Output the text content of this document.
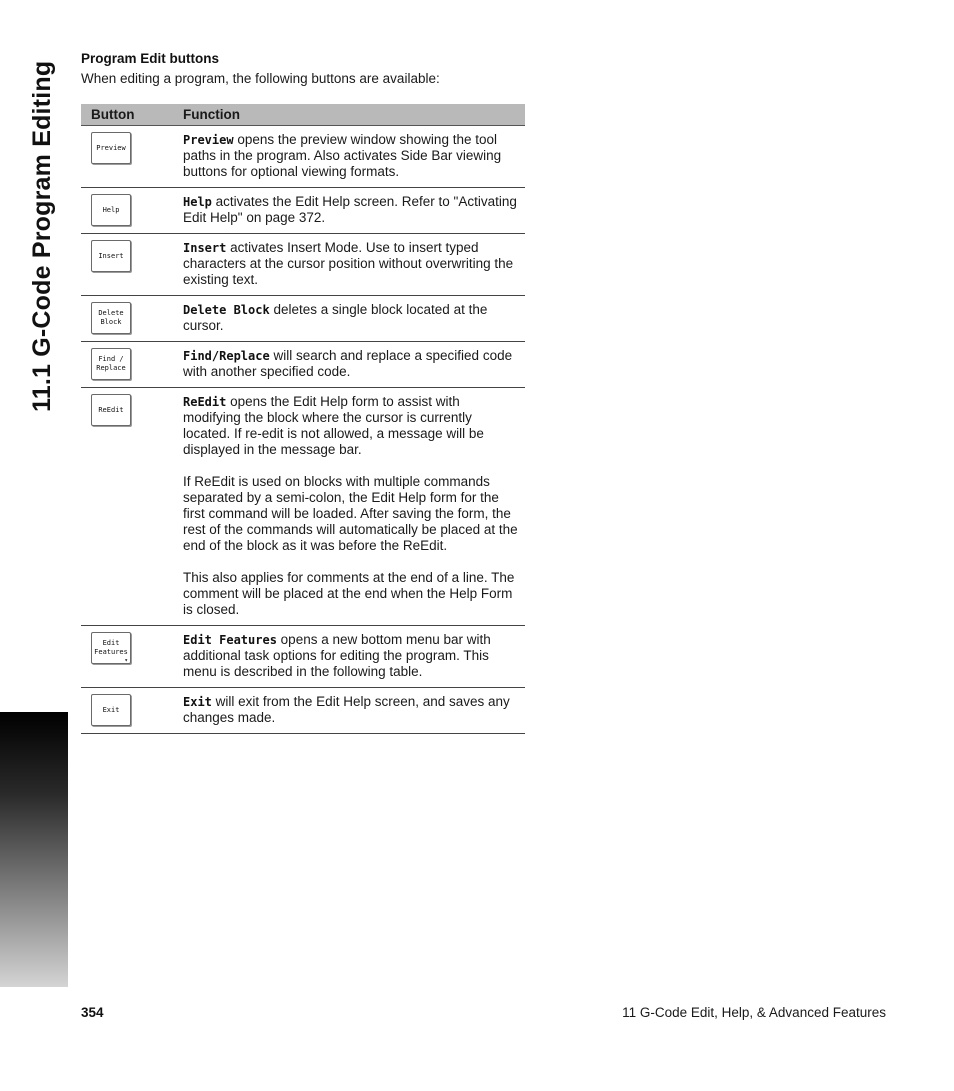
11.1 G-Code Program Editing
Program Edit buttons
When editing a program, the following buttons are available:
Button	Function

Preview	Preview opens the preview window showing the tool paths in the program. Also activates Side Bar viewing buttons for optional viewing formats.

Help	Help activates the Edit Help screen. Refer to "Activating Edit Help" on page 372.

Insert	Insert activates Insert Mode. Use to insert typed characters at the cursor position without overwriting the existing text.

Delete
Block	Delete Block deletes a single block located at the cursor.

Find /
Replace	Find/Replace will search and replace a specified code with another specified code.

ReEdit	ReEdit opens the Edit Help form to assist with modifying the block where the cursor is currently located. If re-edit is not allowed, a message will be displayed in the message bar.

If ReEdit is used on blocks with multiple commands separated by a semi-colon, the Edit Help form for the first command will be loaded. After saving the form, the rest of the commands will automatically be placed at the end of the block as it was before the ReEdit.

This also applies for comments at the end of a line. The comment will be placed at the end when the Help Form is closed.

Edit
Features
▾	Edit Features opens a new bottom menu bar with additional task options for editing the program. This menu is described in the following table.

Exit	Exit will exit from the Edit Help screen, and saves any changes made.

354	11 G-Code Edit, Help, & Advanced Features
